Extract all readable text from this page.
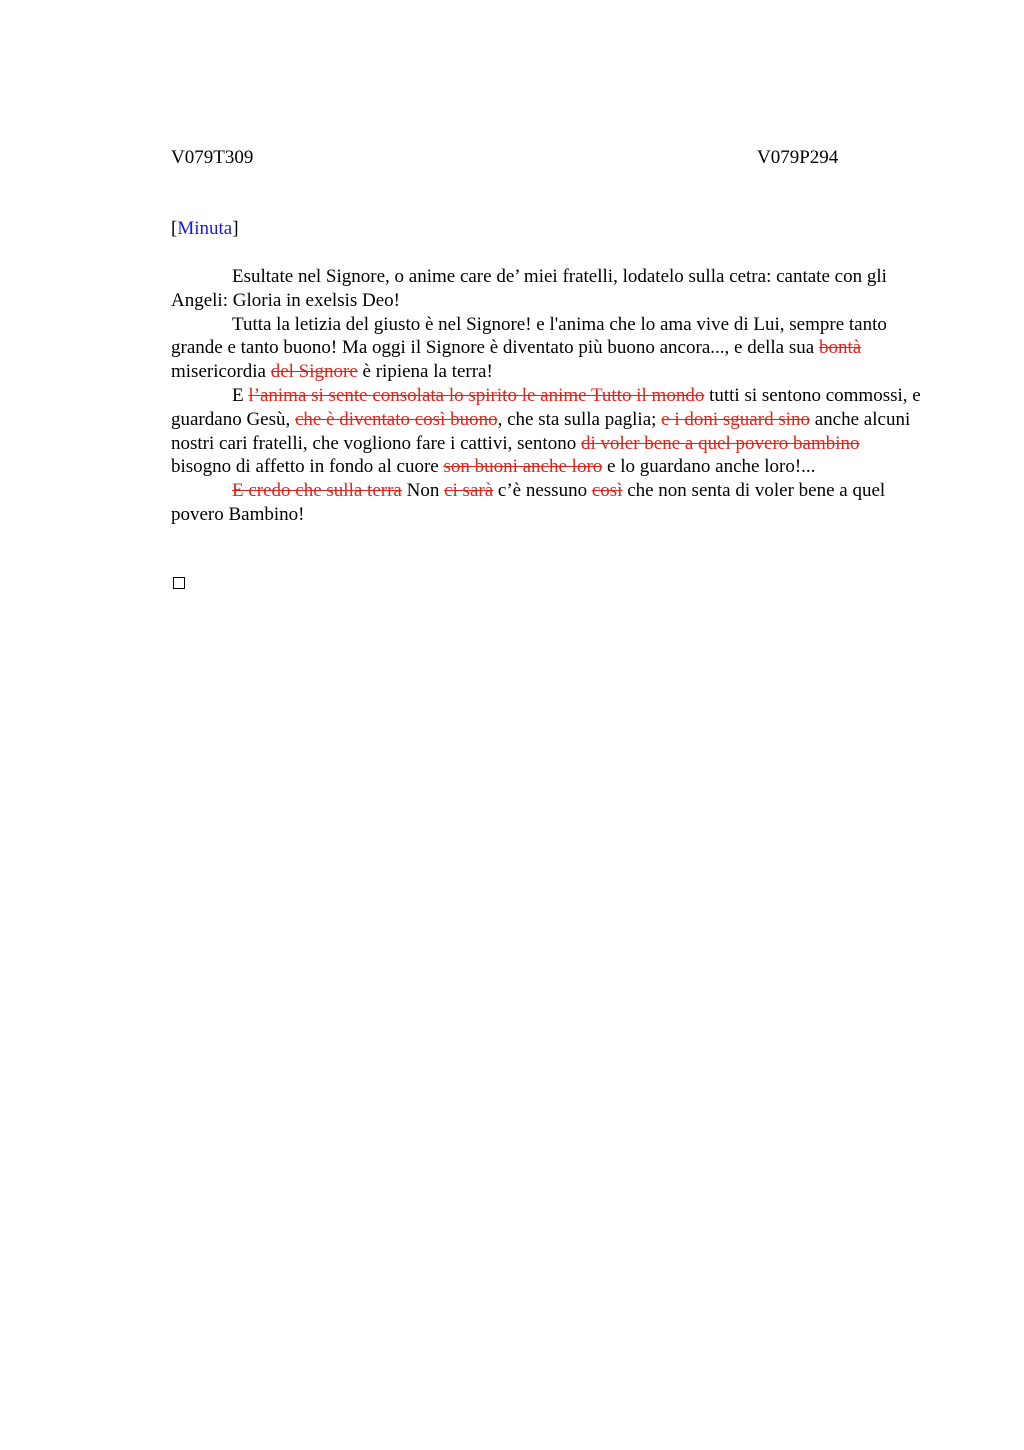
V079T309	V079P294
[Minuta]

Esultate nel Signore, o anime care de’ miei fratelli, lodatelo sulla cetra: cantate con gli Angeli: Gloria in exelsis Deo!

Tutta la letizia del giusto è nel Signore! e l'anima che lo ama vive di Lui, sempre tanto grande e tanto buono! Ma oggi il Signore è diventato più buono ancora..., e della sua bontà misericordia del Signore è ripiena la terra!

E l’anima si sente consolata lo spirito le anime Tutto il mondo tutti si sentono commossi, e guardano Gesù, che è diventato così buono, che sta sulla paglia; e i doni sguard sino anche alcuni nostri cari fratelli, che vogliono fare i cattivi, sentono di voler bene a quel povero bambino bisogno di affetto in fondo al cuore son buoni anche loro e lo guardano anche loro!...

E credo che sulla terra Non ci sarà c’è nessuno così che non senta di voler bene a quel povero Bambino!
